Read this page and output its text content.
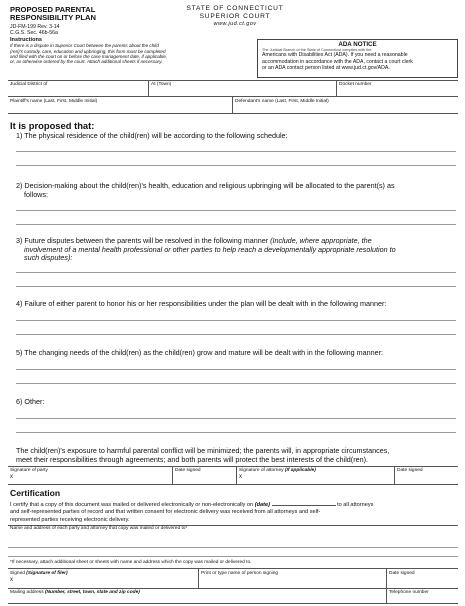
PROPOSED PARENTAL
RESPONSIBILITY PLAN
JD-FM-199 Rev. 3-14
C.G.S. Sec. 46b-56a
STATE OF CONNECTICUT
SUPERIOR COURT
www.jud.ct.gov
Instructions
If there is a dispute in Superior Court between the parents about the child
(ren)'s custody, care, education and upbringing, this form must be completed
and filed with the court on or before the case management date, if applicable,
or, as otherwise ordered by the court. Attach additional sheets if necessary.
ADA NOTICE
The Judicial Branch of the State of Connecticut complies with the
Americans with Disabilities Act (ADA). If you need a reasonable
accommodation in accordance with the ADA, contact a court clerk
or an ADA contact person listed at www.jud.ct.gov/ADA.
Judicial District of	At (Town)	Docket number
Plaintiff's name (Last, First, Middle Initial)	Defendant's name (Last, First, Middle Initial)
It is proposed that:
1) The physical residence of the child(ren) will be according to the following schedule:
2) Decision-making about the child(ren)'s health, education and religious upbringing will be allocated to the parent(s) as
follows:
3) Future disputes between the parents will be resolved in the following manner (Include, where appropriate, the
involvement of a mental health professional or other parties to help reach a developmentally appropriate resolution to
such disputes):
4) Failure of either parent to honor his or her responsibilities under the plan will be dealt with in the following manner:
5) The changing needs of the child(ren) as the child(ren) grow and mature will be dealt with in the following manner:
6) Other:
The child(ren)'s exposure to harmful parental conflict will be minimized; the parents will, in appropriate circumstances,
meet their responsibilities through agreements; and both parents will protect the best interests of the child(ren).
Signature of party
x
Date signed	Signature of attorney (If applicable)
x
Date signed
Certification
I certify that a copy of this document was mailed or delivered electronically or non-electronically on (date)	to all attorneys
and self-represented parties of record and that written consent for electronic delivery was received from all attorneys and self-
represented parties receiving electronic delivery.
Name and address of each party and attorney that copy was mailed or delivered to*
*If necessary, attach additional sheet or sheets with name and address which the copy was mailed or delivered to.
Signed (Signature of filer)
x
Print or type name of person signing	Date signed
Mailing address (Number, street, town, state and zip code)	Telephone number
